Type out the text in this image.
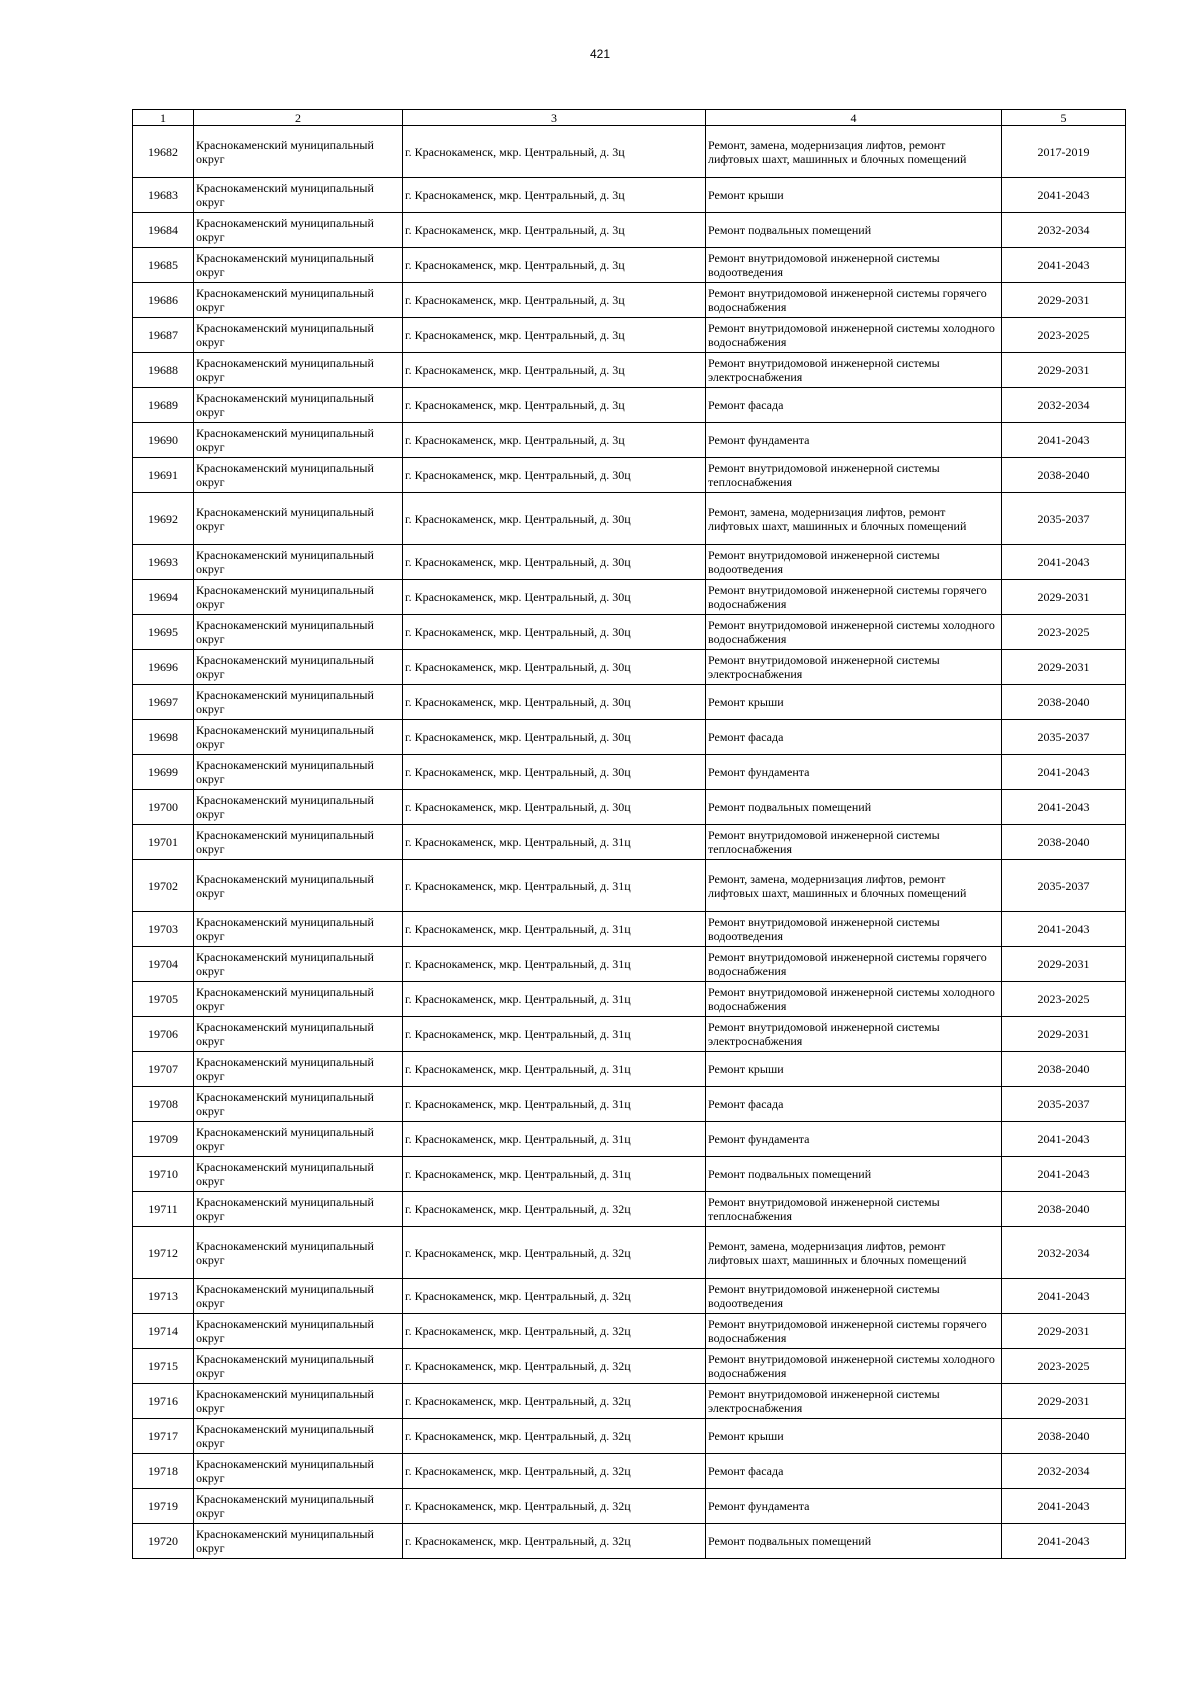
421
1	2	3	4	5
19682	Краснокаменский муниципальный округ	г. Краснокаменск, мкр. Центральный, д. 3ц	Ремонт, замена, модернизация лифтов, ремонт лифтовых шахт, машинных и блочных помещений	2017-2019
19683	Краснокаменский муниципальный округ	г. Краснокаменск, мкр. Центральный, д. 3ц	Ремонт крыши	2041-2043
19684	Краснокаменский муниципальный округ	г. Краснокаменск, мкр. Центральный, д. 3ц	Ремонт подвальных помещений	2032-2034
19685	Краснокаменский муниципальный округ	г. Краснокаменск, мкр. Центральный, д. 3ц	Ремонт внутридомовой инженерной системы водоотведения	2041-2043
19686	Краснокаменский муниципальный округ	г. Краснокаменск, мкр. Центральный, д. 3ц	Ремонт внутридомовой инженерной системы горячего водоснабжения	2029-2031
19687	Краснокаменский муниципальный округ	г. Краснокаменск, мкр. Центральный, д. 3ц	Ремонт внутридомовой инженерной системы холодного водоснабжения	2023-2025
19688	Краснокаменский муниципальный округ	г. Краснокаменск, мкр. Центральный, д. 3ц	Ремонт внутридомовой инженерной системы электроснабжения	2029-2031
19689	Краснокаменский муниципальный округ	г. Краснокаменск, мкр. Центральный, д. 3ц	Ремонт фасада	2032-2034
19690	Краснокаменский муниципальный округ	г. Краснокаменск, мкр. Центральный, д. 3ц	Ремонт фундамента	2041-2043
19691	Краснокаменский муниципальный округ	г. Краснокаменск, мкр. Центральный, д. 30ц	Ремонт внутридомовой инженерной системы теплоснабжения	2038-2040
19692	Краснокаменский муниципальный округ	г. Краснокаменск, мкр. Центральный, д. 30ц	Ремонт, замена, модернизация лифтов, ремонт лифтовых шахт, машинных и блочных помещений	2035-2037
19693	Краснокаменский муниципальный округ	г. Краснокаменск, мкр. Центральный, д. 30ц	Ремонт внутридомовой инженерной системы водоотведения	2041-2043
19694	Краснокаменский муниципальный округ	г. Краснокаменск, мкр. Центральный, д. 30ц	Ремонт внутридомовой инженерной системы горячего водоснабжения	2029-2031
19695	Краснокаменский муниципальный округ	г. Краснокаменск, мкр. Центральный, д. 30ц	Ремонт внутридомовой инженерной системы холодного водоснабжения	2023-2025
19696	Краснокаменский муниципальный округ	г. Краснокаменск, мкр. Центральный, д. 30ц	Ремонт внутридомовой инженерной системы электроснабжения	2029-2031
19697	Краснокаменский муниципальный округ	г. Краснокаменск, мкр. Центральный, д. 30ц	Ремонт крыши	2038-2040
19698	Краснокаменский муниципальный округ	г. Краснокаменск, мкр. Центральный, д. 30ц	Ремонт фасада	2035-2037
19699	Краснокаменский муниципальный округ	г. Краснокаменск, мкр. Центральный, д. 30ц	Ремонт фундамента	2041-2043
19700	Краснокаменский муниципальный округ	г. Краснокаменск, мкр. Центральный, д. 30ц	Ремонт подвальных помещений	2041-2043
19701	Краснокаменский муниципальный округ	г. Краснокаменск, мкр. Центральный, д. 31ц	Ремонт внутридомовой инженерной системы теплоснабжения	2038-2040
19702	Краснокаменский муниципальный округ	г. Краснокаменск, мкр. Центральный, д. 31ц	Ремонт, замена, модернизация лифтов, ремонт лифтовых шахт, машинных и блочных помещений	2035-2037
19703	Краснокаменский муниципальный округ	г. Краснокаменск, мкр. Центральный, д. 31ц	Ремонт внутридомовой инженерной системы водоотведения	2041-2043
19704	Краснокаменский муниципальный округ	г. Краснокаменск, мкр. Центральный, д. 31ц	Ремонт внутридомовой инженерной системы горячего водоснабжения	2029-2031
19705	Краснокаменский муниципальный округ	г. Краснокаменск, мкр. Центральный, д. 31ц	Ремонт внутридомовой инженерной системы холодного водоснабжения	2023-2025
19706	Краснокаменский муниципальный округ	г. Краснокаменск, мкр. Центральный, д. 31ц	Ремонт внутридомовой инженерной системы электроснабжения	2029-2031
19707	Краснокаменский муниципальный округ	г. Краснокаменск, мкр. Центральный, д. 31ц	Ремонт крыши	2038-2040
19708	Краснокаменский муниципальный округ	г. Краснокаменск, мкр. Центральный, д. 31ц	Ремонт фасада	2035-2037
19709	Краснокаменский муниципальный округ	г. Краснокаменск, мкр. Центральный, д. 31ц	Ремонт фундамента	2041-2043
19710	Краснокаменский муниципальный округ	г. Краснокаменск, мкр. Центральный, д. 31ц	Ремонт подвальных помещений	2041-2043
19711	Краснокаменский муниципальный округ	г. Краснокаменск, мкр. Центральный, д. 32ц	Ремонт внутридомовой инженерной системы теплоснабжения	2038-2040
19712	Краснокаменский муниципальный округ	г. Краснокаменск, мкр. Центральный, д. 32ц	Ремонт, замена, модернизация лифтов, ремонт лифтовых шахт, машинных и блочных помещений	2032-2034
19713	Краснокаменский муниципальный округ	г. Краснокаменск, мкр. Центральный, д. 32ц	Ремонт внутридомовой инженерной системы водоотведения	2041-2043
19714	Краснокаменский муниципальный округ	г. Краснокаменск, мкр. Центральный, д. 32ц	Ремонт внутридомовой инженерной системы горячего водоснабжения	2029-2031
19715	Краснокаменский муниципальный округ	г. Краснокаменск, мкр. Центральный, д. 32ц	Ремонт внутридомовой инженерной системы холодного водоснабжения	2023-2025
19716	Краснокаменский муниципальный округ	г. Краснокаменск, мкр. Центральный, д. 32ц	Ремонт внутридомовой инженерной системы электроснабжения	2029-2031
19717	Краснокаменский муниципальный округ	г. Краснокаменск, мкр. Центральный, д. 32ц	Ремонт крыши	2038-2040
19718	Краснокаменский муниципальный округ	г. Краснокаменск, мкр. Центральный, д. 32ц	Ремонт фасада	2032-2034
19719	Краснокаменский муниципальный округ	г. Краснокаменск, мкр. Центральный, д. 32ц	Ремонт фундамента	2041-2043
19720	Краснокаменский муниципальный округ	г. Краснокаменск, мкр. Центральный, д. 32ц	Ремонт подвальных помещений	2041-2043
